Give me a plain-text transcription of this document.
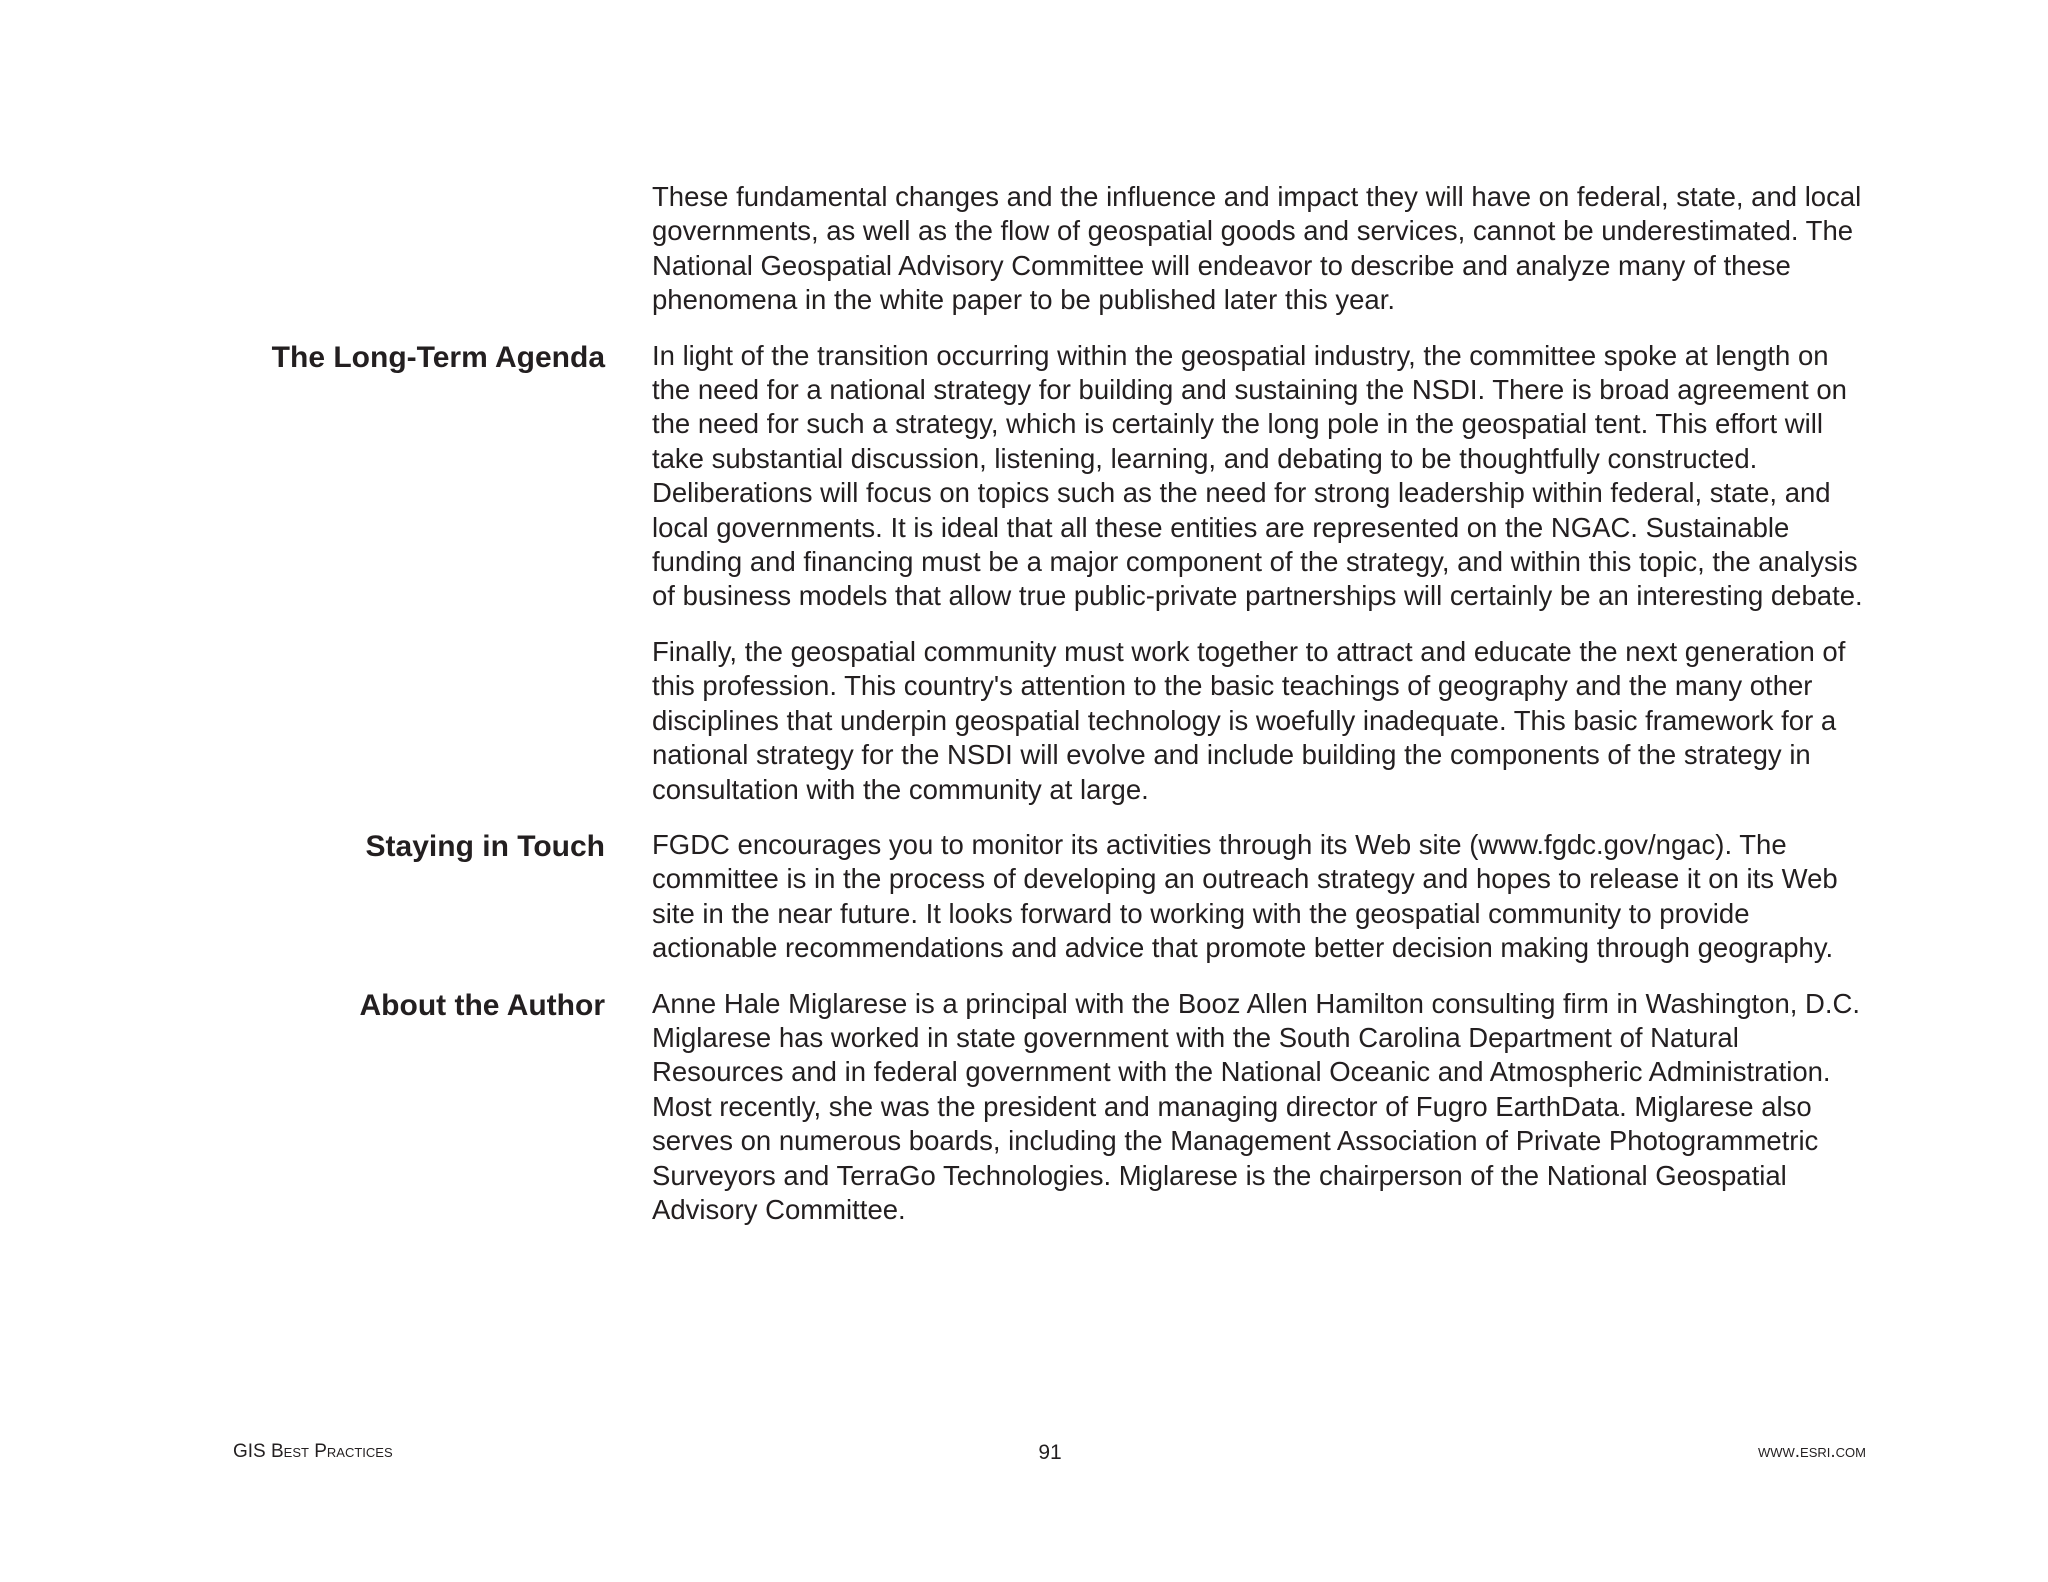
These fundamental changes and the influence and impact they will have on federal, state, and local governments, as well as the flow of geospatial goods and services, cannot be underestimated. The National Geospatial Advisory Committee will endeavor to describe and analyze many of these phenomena in the white paper to be published later this year.

The Long-Term Agenda In light of the transition occurring within the geospatial industry, the committee spoke at length on the need for a national strategy for building and sustaining the NSDI. There is broad agreement on the need for such a strategy, which is certainly the long pole in the geospatial tent. This effort will take substantial discussion, listening, learning, and debating to be thoughtfully constructed. Deliberations will focus on topics such as the need for strong leadership within federal, state, and local governments. It is ideal that all these entities are represented on the NGAC. Sustainable funding and financing must be a major component of the strategy, and within this topic, the analysis of business models that allow true public-private partnerships will certainly be an interesting debate.

Finally, the geospatial community must work together to attract and educate the next generation of this profession. This country's attention to the basic teachings of geography and the many other disciplines that underpin geospatial technology is woefully inadequate. This basic framework for a national strategy for the NSDI will evolve and include building the components of the strategy in consultation with the community at large.

Staying in Touch FGDC encourages you to monitor its activities through its Web site (www.fgdc.gov/ngac). The committee is in the process of developing an outreach strategy and hopes to release it on its Web site in the near future. It looks forward to working with the geospatial community to provide actionable recommendations and advice that promote better decision making through geography.

About the Author Anne Hale Miglarese is a principal with the Booz Allen Hamilton consulting firm in Washington, D.C. Miglarese has worked in state government with the South Carolina Department of Natural Resources and in federal government with the National Oceanic and Atmospheric Administration. Most recently, she was the president and managing director of Fugro EarthData. Miglarese also serves on numerous boards, including the Management Association of Private Photogrammetric Surveyors and TerraGo Technologies. Miglarese is the chairperson of the National Geospatial Advisory Committee.

GIS Best Practices	91	www.esri.com
